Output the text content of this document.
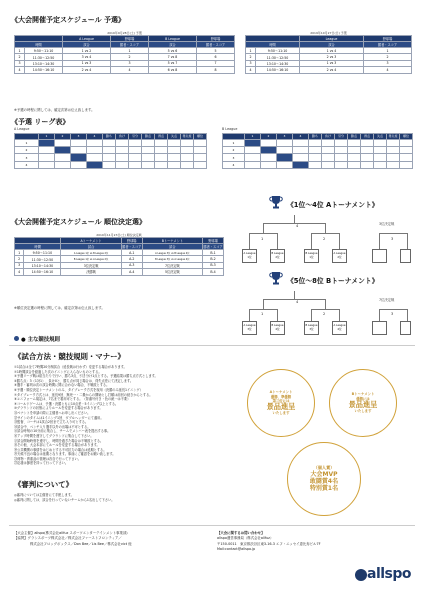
《大会開催予定スケジュール 予選》
2019年9月28日(土) 予選					
		A League	野球場	B League	野球場
時間		試合	勝者・スコア	試合	勝者・スコア
1	9:50〜11:10	1 vs 2	1	5 vs 6	5
2	11:30〜12:50	3 vs 4	2	7 vs 8	6
3	13:10〜14:30	1 vs 3	3	5 vs 7	7
4	14:50〜16:10	2 vs 4	4	6 vs 8	8
2019年10月27日(日) 予選			
		League	野球場
時間		試合	勝者・スコア
1	9:50〜11:10	1 vs 4	1
2	11:30〜12:50	2 vs 3	2
3	13:10〜14:30	1 vs 3	3
4	14:50〜16:10	2 vs 4	4
※予選の時程に関しては、確定次第お伝え致します。
《予選 リーグ表》
A League	B League
	1	2	3	4	勝ち	負け	引分	勝点	得点	失点	得失差	順位
1												
2												
3												
4												
	1	2	3	4	勝ち	負け	引分	勝点	得点	失点	得失差	順位
1												
2												
3												
4												
《大会開催予定スケジュール 順位決定選》
2019年11月23日(土) 順位決定戦					
		Aトーナメント	野球場	Bトーナメント	野球場
時間		試合	勝者・スコア	試合	勝者・スコア
1	9:50〜11:10	A League 1位 vs B League 2位	A-1	A League 3位 vs B League 4位	B-1
2	11:30〜12:50	B League 1位 vs A League 2位	A-2	B League 3位 vs A League 4位	B-2
3	13:10〜14:30	3位決定戦	A-3	7位決定戦	B-3
4	14:50〜16:10	決勝戦	A-4	5位決定戦	B-4
※順位決定選の時程に関しては、確定次第お伝え致します。
《1位〜4位 Aトーナメント》
4	3位決定戦
1	2	3
A League 1位
B League 2位
B League 1位
A League 2位
《5位〜8位 Bトーナメント》
4	7位決定戦
1	2	3
A League 3位
B League 4位
B League 3位
A League 4位
● 主な競技規則
《試合方法・競技規則・マナー》

①1試合は全て7時間20分制試合（延長戦は行わず）変更する場合があります。

②1時間試合を経過した次のイニングに入らないものとする。

③予選リーグ戦は総当たりで行い、勝ち3点、引き分け1点とする。予選結果は勝ち点方式とします。

④勝ち点：3（1対1）、負け0と、勝ち点が同じ場合は、得失点差にて決定します。

⑤選手・審判は次の試合時間に間に合わない場合、不戦敗とする。

⑥予選・順位決定トーナメントのみ、タイブレーク方式を採用（決勝のみ延長1イニング）

⑦タイブレーク方式とは、延長9回、無死一・二塁からの開始とし打順は前回の続きからとする。

⑧ユニフォーム規定は、7名まで着用可とする。（背番号付き・色の統一は不要）

⑨コールドゲームは、予選・決勝ともに10点差・5イニング以上とする。

⑩グラウンドの状態によりルールを変更する場合があります。

⑪ペナントを申請の際に主催者へお申し出ください。

⑫サインのタイムは1イニング1回、ダブルヘッダーにて適用。

⑬監督、コーチは1試合2回まで立ち入り可とする。

⑭試合中、ベンチ入り選手以外の出場は不可とする。

⑮試合時刻の10分前に集合し、チームでメンバー表を提出する事。

⑯アップ時間を遵守してグラウンドに集合して下さい。

⑰試合開始時刻を遵守し、時間を過ぎた場合は不戦敗とする。

⑱その他、大会本部にてルールを変更する場合があります。

⑲公共機関の事情をはじめとする不可抗力の場合は延期とする。

⑳天候不良の場合は延期となります。事前にご確認をお願い致します。

㉑荷物・貴重品の管理は各自で行って下さい。

㉒応援は節度を持って行って下さい。

Aトーナメント
優勝、準優勝
第三位には
景品進呈
いたします
Bトーナメント
優勝には
景品進呈
いたします
（個人賞）
大会MVP
敢闘賞4名
特別賞1名
《審判について》

◎審判については主催者にて手配します。

◎審判に関しては、試合を行っていないチームから1名出して下さい。

【大会主催】allspo(株式会社allfuz スポーツエンターテインメント事業部)
【協賛】グランスポーツ株式会社／株式会社ファーストフロンティア／
株式会社フロッグボックス／Don Bee／Lis Bee／株式会社vict 他
【大会に関するお問い合わせ】
allspo運営事務局（株式会社allfuz）
〒150-0011　東京都渋谷区東3-16-3 エフ・ニッセイ恵比寿ビル7F
Mail:contact@allspo.jp
allspo
